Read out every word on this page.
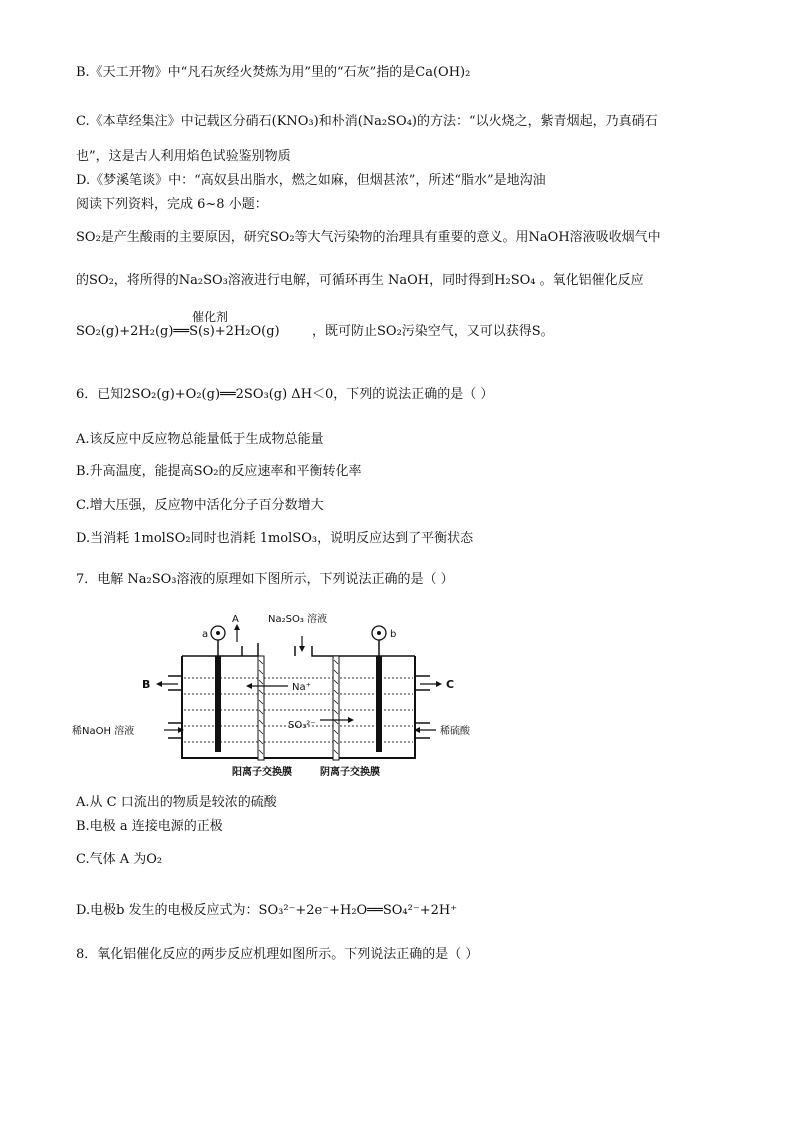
B.《天工开物》中“凡石灰经火焚炼为用”里的“石灰”指的是Ca(OH)₂
C.《本草经集注》中记载区分硝石(KNO₃)和朴消(Na₂SO₄)的方法：“以火烧之，紫青烟起，乃真硝石
也”，这是古人利用焰色试验鉴别物质
D.《梦溪笔谈》中：“高奴县出脂水，燃之如麻，但烟甚浓”，所述“脂水”是地沟油
阅读下列资料，完成 6~8 小题：
SO₂是产生酸雨的主要原因，研究SO₂等大气污染物的治理具有重要的意义。用NaOH溶液吸收烟气中
的SO₂，将所得的Na₂SO₃溶液进行电解，可循环再生 NaOH，同时得到H₂SO₄ 。氧化铝催化反应
催化剂
SO₂(g)+2H₂(g)══S(s)+2H₂O(g) ，既可防止SO₂污染空气，又可以获得S。
6．已知2SO₂(g)+O₂(g)══2SO₃(g) ΔH＜0，下列的说法正确的是（ ）
A.该反应中反应物总能量低于生成物总能量
B.升高温度，能提高SO₂的反应速率和平衡转化率
C.增大压强，反应物中活化分子百分数增大
D.当消耗 1molSO₂同时也消耗 1molSO₃，说明反应达到了平衡状态
7．电解 Na₂SO₃溶液的原理如下图所示，下列说法正确的是（ ）
a	b
A
B	C
Na₂SO₃ 溶液
Na⁺
SO₃²⁻
稀NaOH 溶液	稀硫酸
阳离子交换膜	阴离子交换膜
A.从 C 口流出的物质是较浓的硫酸
B.电极 a 连接电源的正极
C.气体 A 为O₂
D.电极b 发生的电极反应式为：SO₃²⁻+2e⁻+H₂O══SO₄²⁻+2H⁺
8．氧化铝催化反应的两步反应机理如图所示。下列说法正确的是（ ）
